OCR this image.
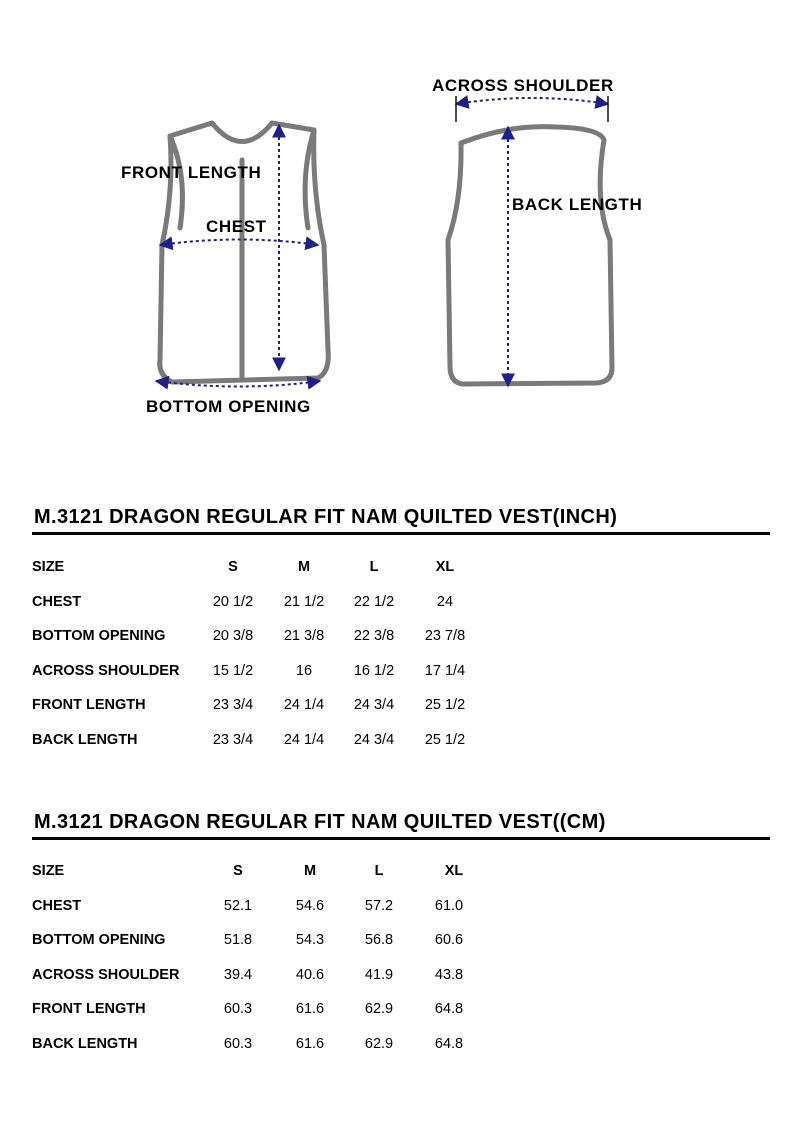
FRONT LENGTH
CHEST
BOTTOM OPENING
ACROSS SHOULDER
BACK LENGTH
M.3121 DRAGON REGULAR FIT NAM QUILTED VEST(INCH)
SIZE	S	M	L	XL
CHEST	20 1/2	21 1/2	22 1/2	24
BOTTOM OPENING	20 3/8	21 3/8	22 3/8	23 7/8
ACROSS SHOULDER	15 1/2	16	16 1/2	17 1/4
FRONT LENGTH	23 3/4	24 1/4	24 3/4	25 1/2
BACK LENGTH	23 3/4	24 1/4	24 3/4	25 1/2
M.3121 DRAGON REGULAR FIT NAM QUILTED VEST((CM)
SIZE	S	M	L	XL
CHEST	52.1	54.6	57.2	61.0
BOTTOM OPENING	51.8	54.3	56.8	60.6
ACROSS SHOULDER	39.4	40.6	41.9	43.8
FRONT LENGTH	60.3	61.6	62.9	64.8
BACK LENGTH	60.3	61.6	62.9	64.8
